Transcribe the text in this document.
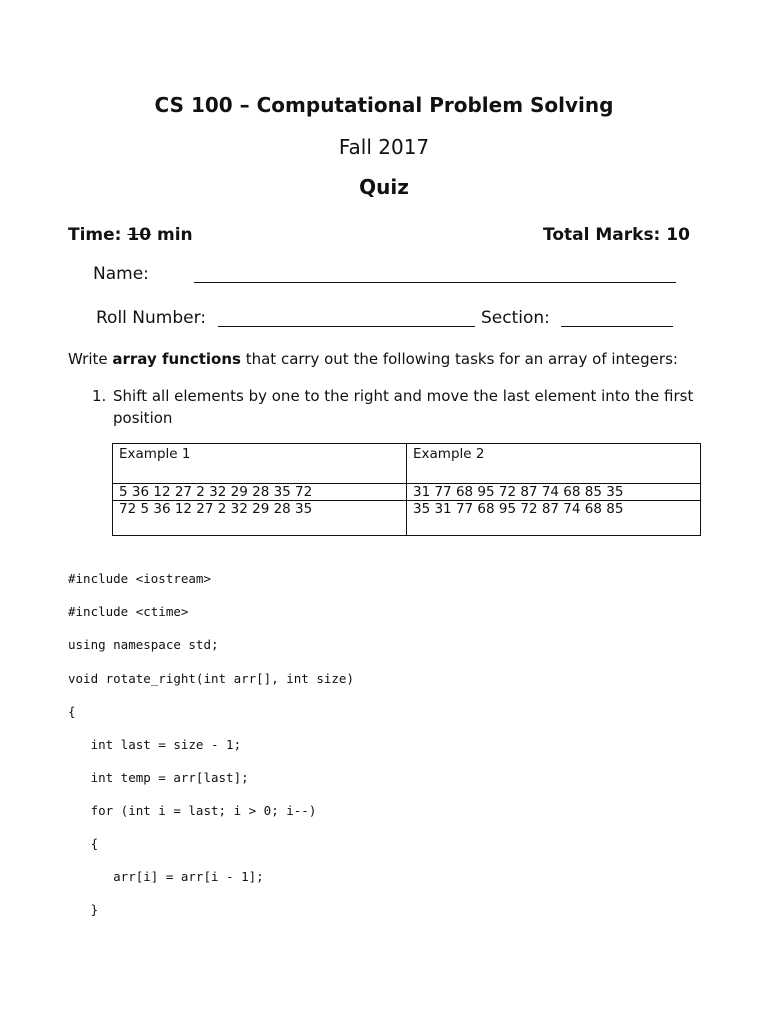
CS 100 – Computational Problem Solving
Fall 2017
Quiz
Time: 10 min	Total Marks: 10
Name:
Roll Number:	Section:
Write array functions that carry out the following tasks for an array of integers:
1. Shift all elements by one to the right and move the last element into the first position
Example 1	Example 2
5 36 12 27 2 32 29 28 35 72	31 77 68 95 72 87 74 68 85 35
72 5 36 12 27 2 32 29 28 35	35 31 77 68 95 72 87 74 68 85
#include <iostream>
#include <ctime>
using namespace std;
void rotate_right(int arr[], int size)
{
int last = size - 1;
int temp = arr[last];
for (int i = last; i > 0; i--)
{
arr[i] = arr[i - 1];
}
